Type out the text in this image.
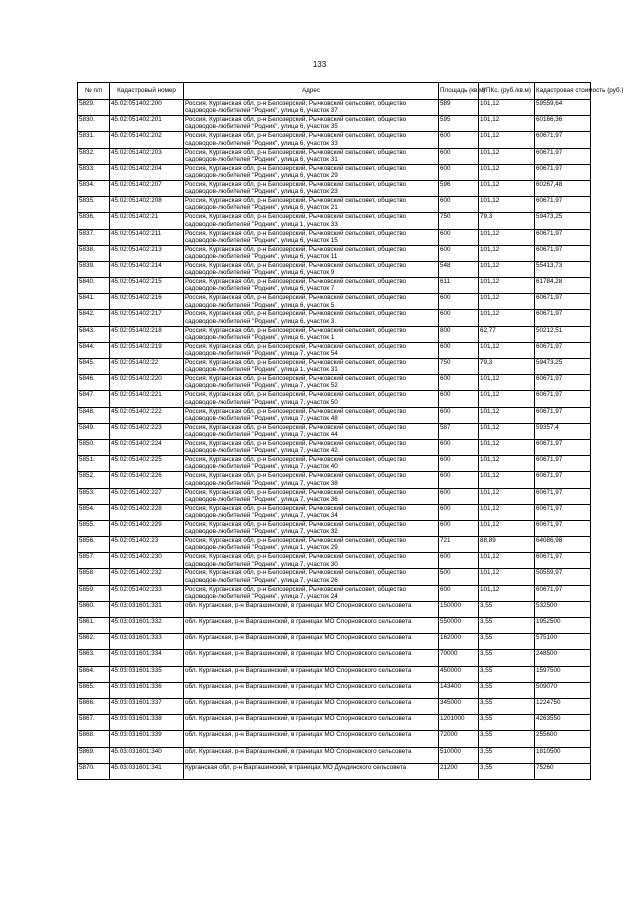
133
№ п/п	Кадастровый номер	Адрес	Площадь (кв.м)	УПКс. (руб./кв.м)	Кадастровая стоимость (руб.)
5829.	45:02:051402:200	Россия, Курганская обл, р-н Белозерский, Рычковский сельсовет, общество садоводов-любителей "Родник", улица 6, участок 37	589	101,12	59559,64
5830.	45:02:051402:201	Россия, Курганская обл, р-н Белозерский, Рычковский сельсовет, общество садоводов-любителей "Родник", улица 6, участок 35	595	101,12	60166,36
5831.	45:02:051402:202	Россия, Курганская обл, р-н Белозерский, Рычковский сельсовет, общество садоводов-любителей "Родник", улица 6, участок 33	600	101,12	60671,97
5832.	45:02:051402:203	Россия, Курганская обл, р-н Белозерский, Рычковский сельсовет, общество садоводов-любителей "Родник", улица 6, участок 31	600	101,12	60671,97
5833.	45:02:051402:204	Россия, Курганская обл, р-н Белозерский, Рычковский сельсовет, общество садоводов-любителей "Родник", улица 6, участок 29	600	101,12	60671,97
5834.	45:02:051402:207	Россия, Курганская обл, р-н Белозерский, Рычковский сельсовет, общество садоводов-любителей "Родник", улица 6, участок 23	596	101,12	60267,48
5835.	45:02:051402:208	Россия, Курганская обл, р-н Белозерский, Рычковский сельсовет, общество садоводов-любителей "Родник", улица 6, участок 21	600	101,12	60671,97
5836.	45:02:051402:21	Россия, Курганская обл, р-н Белозерский, Рычковский сельсовет, общество садоводов-любителей "Родник", улица 1, участок 33	750	79,3	59473,25
5837.	45:02:051402:211	Россия, Курганская обл, р-н Белозерский, Рычковский сельсовет, общество садоводов-любителей "Родник", улица 6, участок 15	600	101,12	60671,97
5838.	45:02:051402:213	Россия, Курганская обл, р-н Белозерский, Рычковский сельсовет, общество садоводов-любителей "Родник", улица 6, участок 11	600	101,12	60671,97
5839.	45:02:051402:214	Россия, Курганская обл, р-н Белозерский, Рычковский сельсовет, общество садоводов-любителей "Родник", улица 6, участок 9	548	101,12	55413,73
5840.	45:02:051402:215	Россия, Курганская обл, р-н Белозерский, Рычковский сельсовет, общество садоводов-любителей "Родник", улица 6, участок 7	611	101,12	61784,28
5841.	45:02:051402:216	Россия, Курганская обл, р-н Белозерский, Рычковский сельсовет, общество садоводов-любителей "Родник", улица 6, участок 5	600	101,12	60671,97
5842.	45:02:051402:217	Россия, Курганская обл, р-н Белозерский, Рычковский сельсовет, общество садоводов-любителей "Родник", улица 6, участок 3	600	101,12	60671,97
5843.	45:02:051402:218	Россия, Курганская обл, р-н Белозерский, Рычковский сельсовет, общество садоводов-любителей "Родник", улица 6, участок 1	800	62,77	50212,51
5844.	45:02:051402:219	Россия, Курганская обл, р-н Белозерский, Рычковский сельсовет, общество садоводов-любителей "Родник", улица 7, участок 54	600	101,12	60671,97
5845.	45:02:051402:22	Россия, Курганская обл, р-н Белозерский, Рычковский сельсовет, общество садоводов-любителей "Родник", улица 1, участок 31	750	79,3	59473,25
5846.	45:02:051402:220	Россия, Курганская обл, р-н Белозерский, Рычковский сельсовет, общество садоводов-любителей "Родник", улица 7, участок 52	600	101,12	60671,97
5847.	45:02:051402:221	Россия, Курганская обл, р-н Белозерский, Рычковский сельсовет, общество садоводов-любителей "Родник", улица 7, участок 50	600	101,12	60671,97
5848.	45:02:051402:222	Россия, Курганская обл, р-н Белозерский, Рычковский сельсовет, общество садоводов-любителей "Родник", улица 7, участок 48	600	101,12	60671,97
5849.	45:02:051402:223	Россия, Курганская обл, р-н Белозерский, Рычковский сельсовет, общество садоводов-любителей "Родник", улица 7, участок 44	587	101,12	59357,4
5850.	45:02:051402:224	Россия, Курганская обл, р-н Белозерский, Рычковский сельсовет, общество садоводов-любителей "Родник", улица 7, участок 42	600	101,12	60671,97
5851.	45:02:051402:225	Россия, Курганская обл, р-н Белозерский, Рычковский сельсовет, общество садоводов-любителей "Родник", улица 7, участок 40	600	101,12	60671,97
5852.	45:02:051402:226	Россия, Курганская обл, р-н Белозерский, Рычковский сельсовет, общество садоводов-любителей "Родник", улица 7, участок 38	600	101,12	60671,97
5853.	45:02:051402:227	Россия, Курганская обл, р-н Белозерский, Рычковский сельсовет, общество садоводов-любителей "Родник", улица 7, участок 36	600	101,12	60671,97
5854.	45:02:051402:228	Россия, Курганская обл, р-н Белозерский, Рычковский сельсовет, общество садоводов-любителей "Родник", улица 7, участок 34	600	101,12	60671,97
5855.	45:02:051402:229	Россия, Курганская обл, р-н Белозерский, Рычковский сельсовет, общество садоводов-любителей "Родник", улица 7, участок 32	600	101,12	60671,97
5856.	45:02:051402:23	Россия, Курганская обл, р-н Белозерский, Рычковский сельсовет, общество садоводов-любителей "Родник", улица 1, участок 29	721	88,89	64086,98
5857.	45:02:051402:230	Россия, Курганская обл, р-н Белозерский, Рычковский сельсовет, общество садоводов-любителей "Родник", улица 7, участок 30	600	101,12	60671,97
5858.	45:02:051402:232	Россия, Курганская обл, р-н Белозерский, Рычковский сельсовет, общество садоводов-любителей "Родник", улица 7, участок 26	500	101,12	50559,97
5859.	45:02:051402:233	Россия, Курганская обл, р-н Белозерский, Рычковский сельсовет, общество садоводов-любителей "Родник", улица 7, участок 24	600	101,12	60671,97
5860.	45:03:031601:331	обл. Курганская, р-н Варгашинский, в границах МО Спорновского сельсовета	150000	3,55	532500
5861.	45:03:031601:332	обл. Курганская, р-н Варгашинский, в границах МО Спорновского сельсовета	550000	3,55	1952500
5862.	45:03:031601:333	обл. Курганская, р-н Варгашинский, в границах МО Спорновского сельсовета	162000	3,55	575100
5863.	45:03:031601:334	обл. Курганская, р-н Варгашинский, в границах МО Спорновского сельсовета	70000	3,55	248500
5864.	45:03:031601:335	обл. Курганская, р-н Варгашинский, в границах МО Спорновского сельсовета	450000	3,55	1597500
5865.	45:03:031601:336	обл. Курганская, р-н Варгашинский, в границах МО Спорновского сельсовета	143400	3,55	509070
5866.	45:03:031601:337	обл. Курганская, р-н Варгашинский, в границах МО Спорновского сельсовета	345000	3,55	1224750
5867.	45:03:031601:338	обл. Курганская, р-н Варгашинский, в границах МО Спорновского сельсовета	1201000	3,55	4263550
5868.	45:03:031601:339	обл. Курганская, р-н Варгашинский, в границах МО Спорновского сельсовета	72000	3,55	255600
5869.	45:03:031601:340	обл. Курганская, р-н Варгашинский, в границах МО Спорновского сельсовета	510000	3,55	1810500
5870.	45:03:031601:341	Курганская обл, р-н Варгашинский, в границах МО Дундинского сельсовета	21200	3,55	75260
